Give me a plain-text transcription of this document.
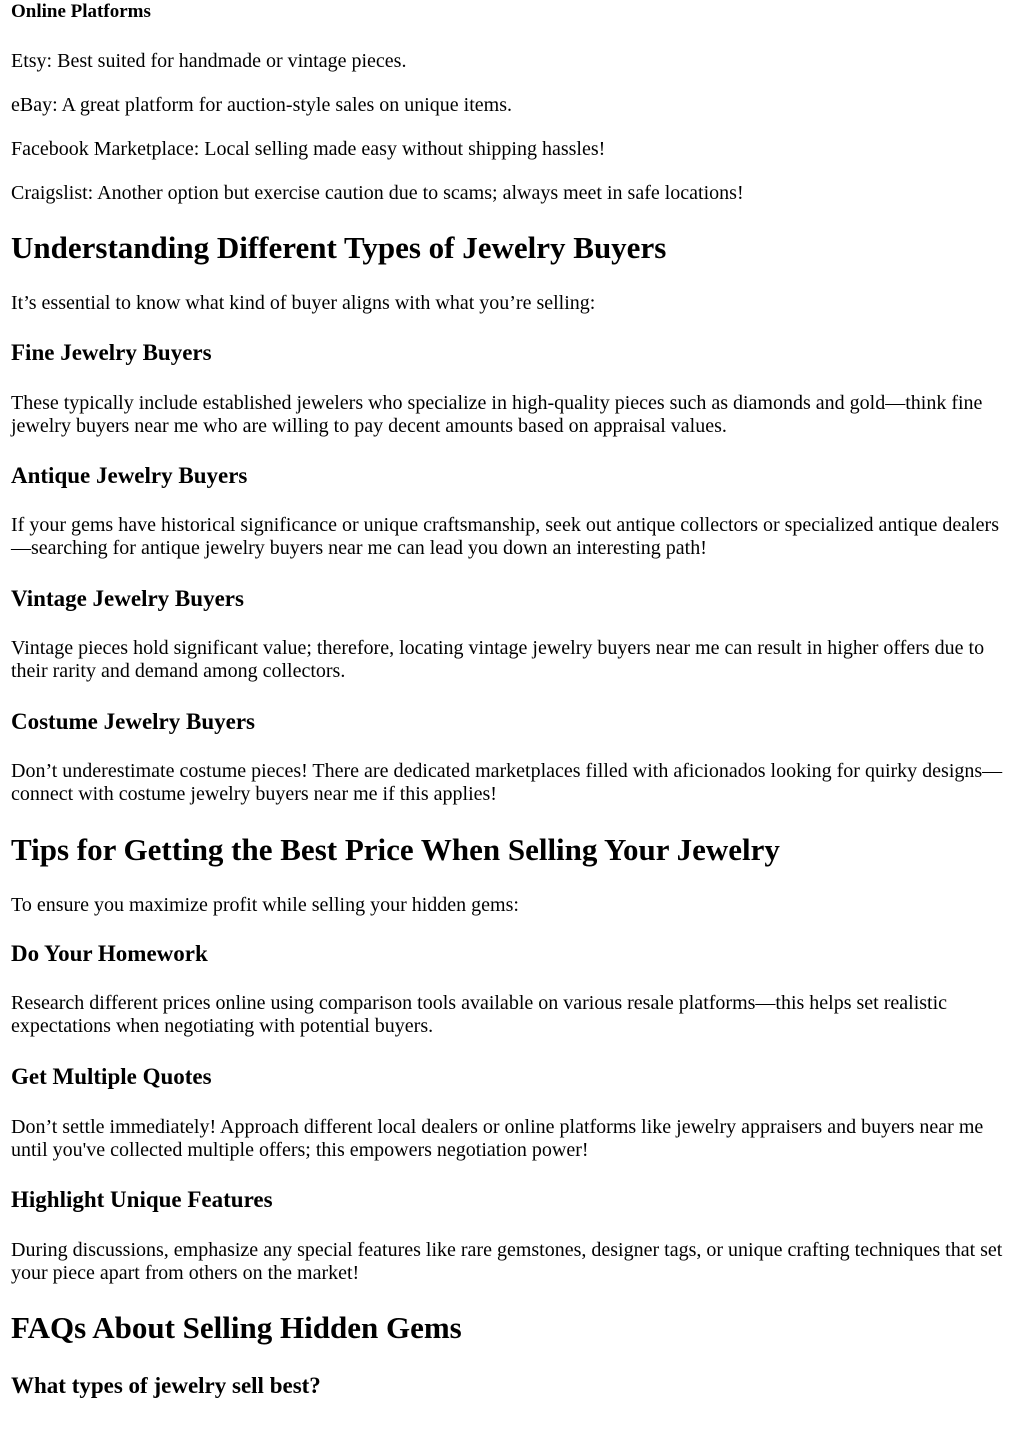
Online Platforms
Etsy: Best suited for handmade or vintage pieces.
eBay: A great platform for auction-style sales on unique items.
Facebook Marketplace: Local selling made easy without shipping hassles!
Craigslist: Another option but exercise caution due to scams; always meet in safe locations!
Understanding Different Types of Jewelry Buyers
It’s essential to know what kind of buyer aligns with what you’re selling:
Fine Jewelry Buyers
These typically include established jewelers who specialize in high-quality pieces such as diamonds and gold—think fine jewelry buyers near me who are willing to pay decent amounts based on appraisal values.
Antique Jewelry Buyers
If your gems have historical significance or unique craftsmanship, seek out antique collectors or specialized antique dealers—searching for antique jewelry buyers near me can lead you down an interesting path!
Vintage Jewelry Buyers
Vintage pieces hold significant value; therefore, locating vintage jewelry buyers near me can result in higher offers due to their rarity and demand among collectors.
Costume Jewelry Buyers
Don’t underestimate costume pieces! There are dedicated marketplaces filled with aficionados looking for quirky designs—connect with costume jewelry buyers near me if this applies!
Tips for Getting the Best Price When Selling Your Jewelry
To ensure you maximize profit while selling your hidden gems:
Do Your Homework
Research different prices online using comparison tools available on various resale platforms—this helps set realistic expectations when negotiating with potential buyers.
Get Multiple Quotes
Don’t settle immediately! Approach different local dealers or online platforms like jewelry appraisers and buyers near me until you've collected multiple offers; this empowers negotiation power!
Highlight Unique Features
During discussions, emphasize any special features like rare gemstones, designer tags, or unique crafting techniques that set your piece apart from others on the market!
FAQs About Selling Hidden Gems
What types of jewelry sell best?
